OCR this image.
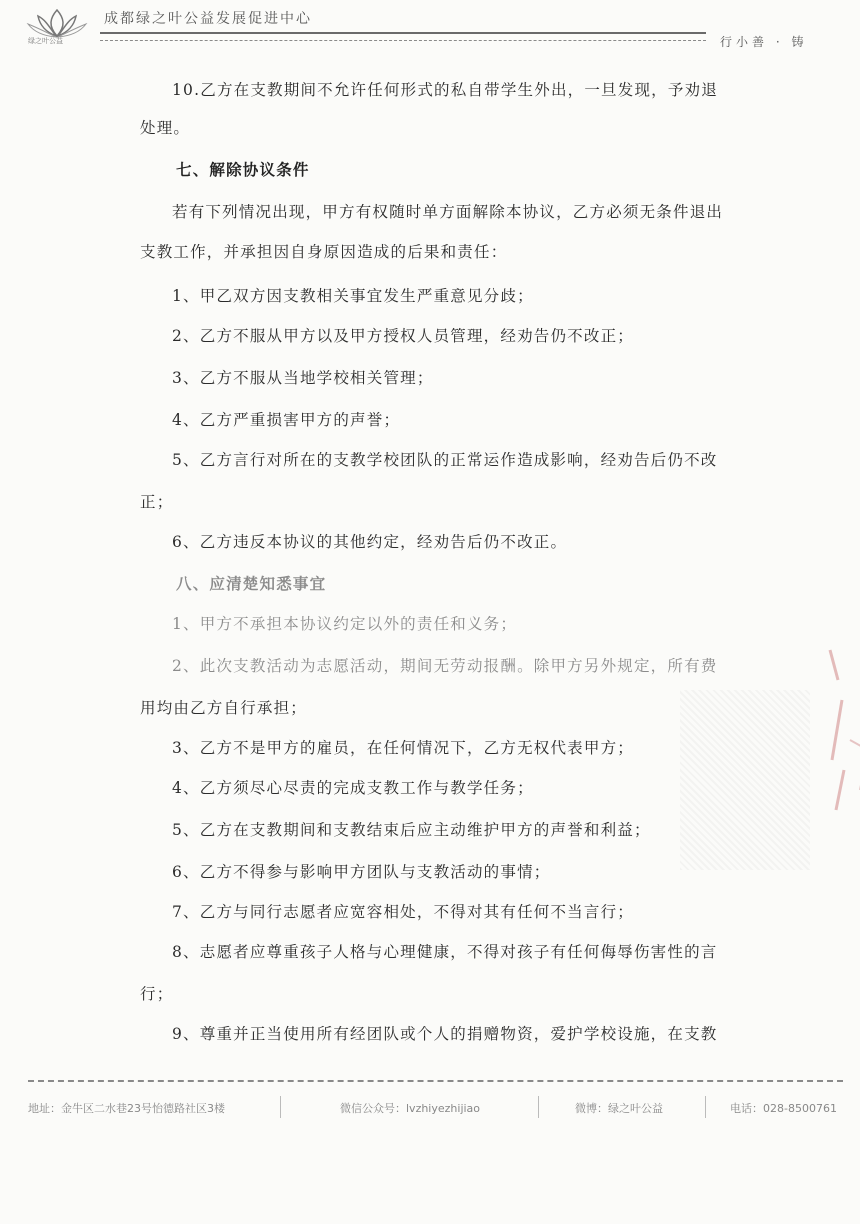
绿之叶公益
成都绿之叶公益发展促进中心
行小善 · 铸
10.乙方在支教期间不允许任何形式的私自带学生外出，一旦发现，予劝退
处理。
七、解除协议条件
若有下列情况出现，甲方有权随时单方面解除本协议，乙方必须无条件退出
支教工作，并承担因自身原因造成的后果和责任：
1、甲乙双方因支教相关事宜发生严重意见分歧；
2、乙方不服从甲方以及甲方授权人员管理，经劝告仍不改正；
3、乙方不服从当地学校相关管理；
4、乙方严重损害甲方的声誉；
5、乙方言行对所在的支教学校团队的正常运作造成影响，经劝告后仍不改
正；
6、乙方违反本协议的其他约定，经劝告后仍不改正。
八、应清楚知悉事宜
1、甲方不承担本协议约定以外的责任和义务；
2、此次支教活动为志愿活动，期间无劳动报酬。除甲方另外规定，所有费
用均由乙方自行承担；
3、乙方不是甲方的雇员，在任何情况下，乙方无权代表甲方；
4、乙方须尽心尽责的完成支教工作与教学任务；
5、乙方在支教期间和支教结束后应主动维护甲方的声誉和利益；
6、乙方不得参与影响甲方团队与支教活动的事情；
7、乙方与同行志愿者应宽容相处，不得对其有任何不当言行；
8、志愿者应尊重孩子人格与心理健康，不得对孩子有任何侮辱伤害性的言
行；
9、尊重并正当使用所有经团队或个人的捐赠物资，爱护学校设施，在支教
地址：金牛区二水巷23号怡德路社区3楼	微信公众号：lvzhiyezhijiao	微博：绿之叶公益	电话：028-8500761
